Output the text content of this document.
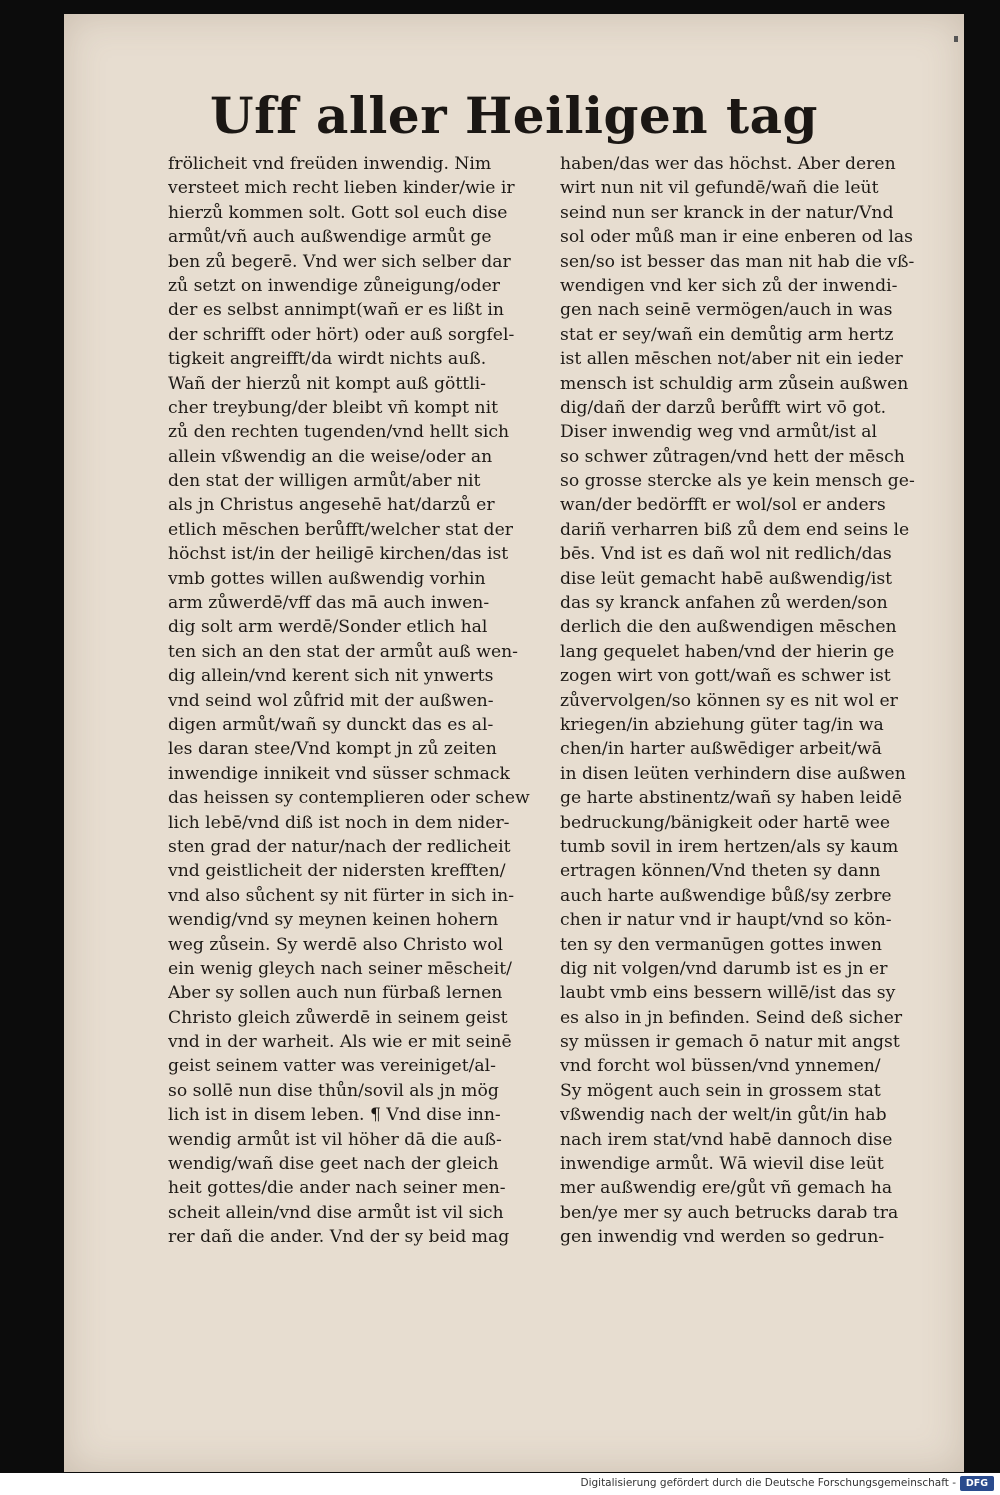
Uff aller Heiligen tag
frölicheit vnd freüden inwendig. Nim
versteet mich recht lieben kinder/wie ir
hierzů kommen solt. Gott sol euch dise
armůt/vñ auch außwendige armůt ge
ben zů begerē. Vnd wer sich selber dar
zů setzt on inwendige zůneigung/oder
der es selbst annimpt(wañ er es lißt in
der schrifft oder hört) oder auß sorgfel-
tigkeit angreifft/da wirdt nichts auß.
Wañ der hierzů nit kompt auß göttli-
cher treybung/der bleibt vñ kompt nit
zů den rechten tugenden/vnd hellt sich
allein vßwendig an die weise/oder an
den stat der willigen armůt/aber nit
als jn Christus angesehē hat/darzů er
etlich mēschen berůfft/welcher stat der
höchst ist/in der heiligē kirchen/das ist
vmb gottes willen außwendig vorhin
arm zůwerdē/vff das mā auch inwen-
dig solt arm werdē/Sonder etlich hal
ten sich an den stat der armůt auß wen-
dig allein/vnd kerent sich nit ynwerts
vnd seind wol zůfrid mit der außwen-
digen armůt/wañ sy dunckt das es al-
les daran stee/Vnd kompt jn zů zeiten
inwendige innikeit vnd süsser schmack
das heissen sy contemplieren oder schew
lich lebē/vnd diß ist noch in dem nider-
sten grad der natur/nach der redlicheit
vnd geistlicheit der nidersten krefften/
vnd also sůchent sy nit fürter in sich in-
wendig/vnd sy meynen keinen hohern
weg zůsein. Sy werdē also Christo wol
ein wenig gleych nach seiner mēscheit/
Aber sy sollen auch nun fürbaß lernen
Christo gleich zůwerdē in seinem geist
vnd in der warheit. Als wie er mit seinē
geist seinem vatter was vereiniget/al-
so sollē nun dise thůn/sovil als jn mög
lich ist in disem leben. ¶ Vnd dise inn-
wendig armůt ist vil höher dā die auß-
wendig/wañ dise geet nach der gleich
heit gottes/die ander nach seiner men-
scheit allein/vnd dise armůt ist vil sich
rer dañ die ander. Vnd der sy beid mag
haben/das wer das höchst. Aber deren
wirt nun nit vil gefundē/wañ die leüt
seind nun ser kranck in der natur/Vnd
sol oder můß man ir eine enberen od las
sen/so ist besser das man nit hab die vß-
wendigen vnd ker sich zů der inwendi-
gen nach seinē vermögen/auch in was
stat er sey/wañ ein demůtig arm hertz
ist allen mēschen not/aber nit ein ieder
mensch ist schuldig arm zůsein außwen
dig/dañ der darzů berůfft wirt vō got.
Diser inwendig weg vnd armůt/ist al
so schwer zůtragen/vnd hett der mēsch
so grosse stercke als ye kein mensch ge-
wan/der bedörfft er wol/sol er anders
dariñ verharren biß zů dem end seins le
bēs. Vnd ist es dañ wol nit redlich/das
dise leüt gemacht habē außwendig/ist
das sy kranck anfahen zů werden/son
derlich die den außwendigen mēschen
lang gequelet haben/vnd der hierin ge
zogen wirt von gott/wañ es schwer ist
zůvervolgen/so können sy es nit wol er
kriegen/in abziehung güter tag/in wa
chen/in harter außwēdiger arbeit/wā
in disen leüten verhindern dise außwen
ge harte abstinentz/wañ sy haben leidē
bedruckung/bänigkeit oder hartē wee
tumb sovil in irem hertzen/als sy kaum
ertragen können/Vnd theten sy dann
auch harte außwendige bůß/sy zerbre
chen ir natur vnd ir haupt/vnd so kön-
ten sy den vermanūgen gottes inwen
dig nit volgen/vnd darumb ist es jn er
laubt vmb eins bessern willē/ist das sy
es also in jn befinden. Seind deß sicher
sy müssen ir gemach ō natur mit angst
vnd forcht wol büssen/vnd ynnemen/
Sy mögent auch sein in grossem stat
vßwendig nach der welt/in gůt/in hab
nach irem stat/vnd habē dannoch dise
inwendige armůt. Wā wievil dise leüt
mer außwendig ere/gůt vñ gemach ha
ben/ye mer sy auch betrucks darab tra
gen inwendig vnd werden so gedrun-
Digitalisierung gefördert durch die Deutsche Forschungsgemeinschaft -	DFG
